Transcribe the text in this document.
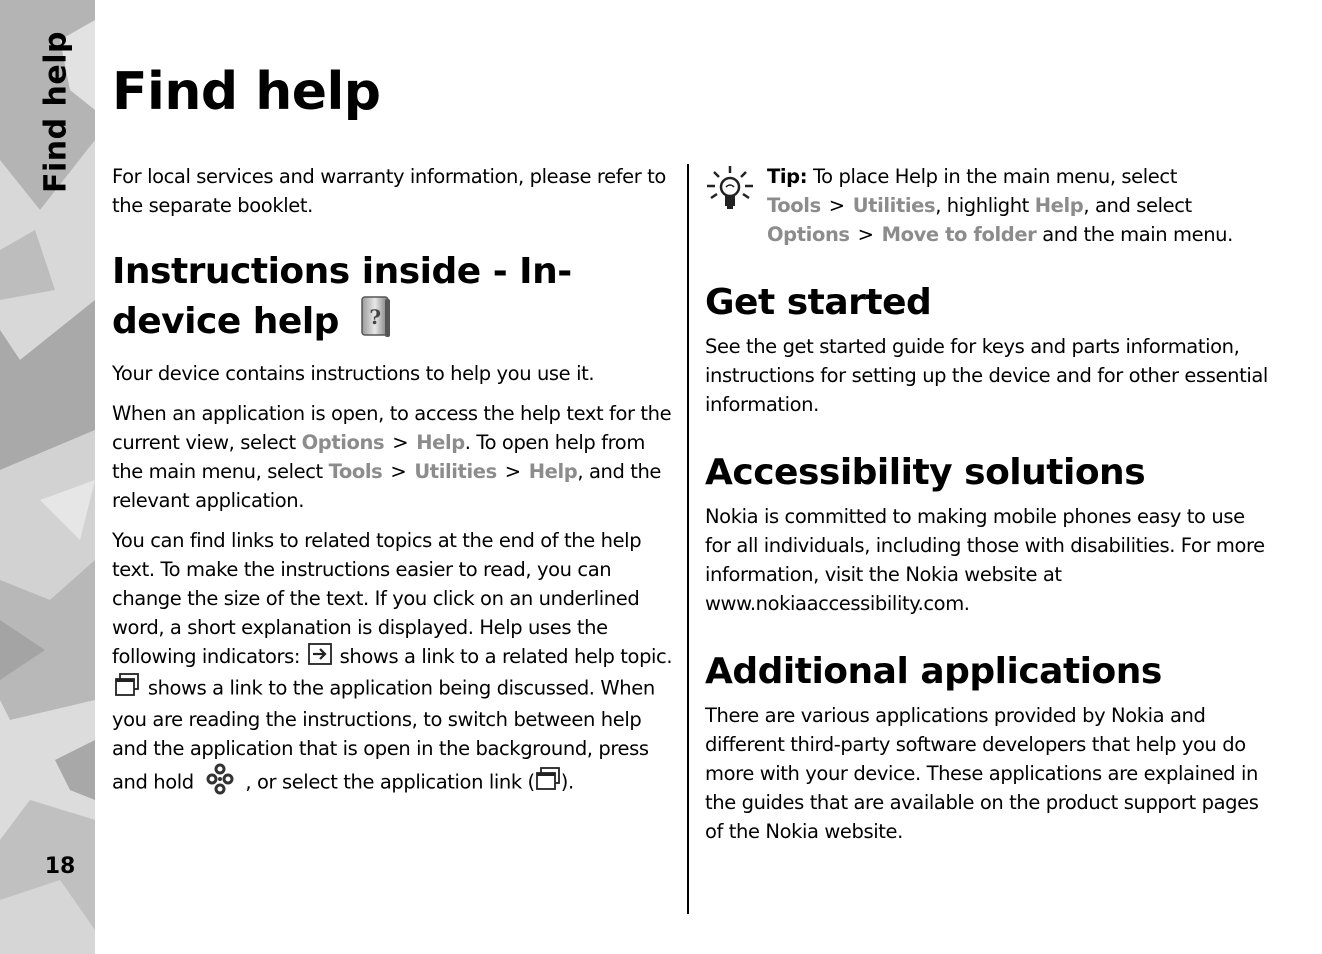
Find help
18
Find help

For local services and warranty information, please refer to the separate booklet.

Instructions inside - In-device help ?

Your device contains instructions to help you use it.

When an application is open, to access the help text for the current view, select Options > Help. To open help from the main menu, select Tools > Utilities > Help, and the relevant application.

You can find links to related topics at the end of the help text. To make the instructions easier to read, you can change the size of the text. If you click on an underlined word, a short explanation is displayed. Help uses the following indicators: shows a link to a related help topic.  shows a link to the application being discussed. When you are reading the instructions, to switch between help and the application that is open in the background, press and hold	, or select the application link ( ).

Tip: To place Help in the main menu, select Tools > Utilities, highlight Help, and select Options > Move to folder and the main menu.

Get started

See the get started guide for keys and parts information, instructions for setting up the device and for other essential information.

Accessibility solutions

Nokia is committed to making mobile phones easy to use for all individuals, including those with disabilities. For more information, visit the Nokia website at www.nokiaaccessibility.com.

Additional applications

There are various applications provided by Nokia and different third-party software developers that help you do more with your device. These applications are explained in the guides that are available on the product support pages of the Nokia website.
